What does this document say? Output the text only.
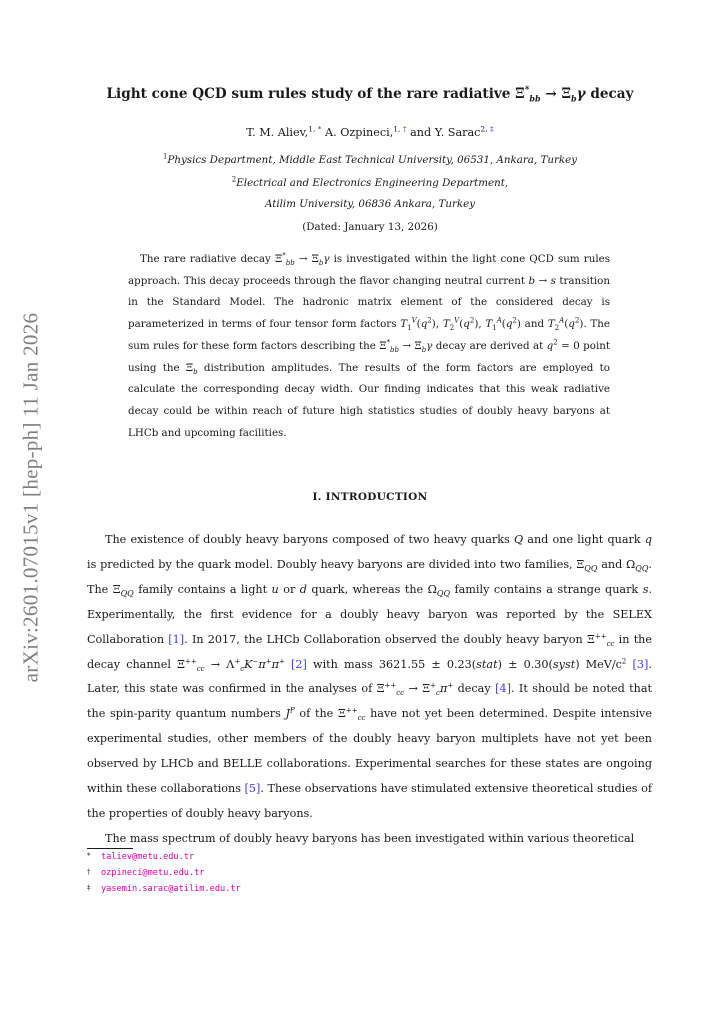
arXiv:2601.07015v1 [hep-ph] 11 Jan 2026
Light cone QCD sum rules study of the rare radiative $\Xi^*_{bb} \to \Xi_b\gamma$ decay
T. M. Aliev,$^{1, *}$ A. Ozpineci,$^{1, \dagger}$ and Y. Sarac$^{2, \ddagger}$
$^1$Physics Department, Middle East Technical University, 06531, Ankara, Turkey
$^2$Electrical and Electronics Engineering Department,
Atilim University, 06836 Ankara, Turkey
(Dated: January 13, 2026)

The rare radiative decay $\Xi^*_{bb} \to \Xi_b\gamma$ is investigated within the light cone QCD sum rules approach. This decay proceeds through the flavor changing neutral current b → s transition in the Standard Model. The hadronic matrix element of the considered decay is parameterized in terms of four tensor form factors $T_1^V(q^2)$, $T_2^V(q^2)$, $T_1^A(q^2)$ and $T_2^A(q^2)$. The sum rules for these form factors describing the $\Xi^*_{bb} \to \Xi_b\gamma$ decay are derived at $q^2 = 0$ point using the $\Xi_b$ distribution amplitudes. The results of the form factors are employed to calculate the corresponding decay width. Our finding indicates that this weak radiative decay could be within reach of future high statistics studies of doubly heavy baryons at LHCb and upcoming facilities.

I. INTRODUCTION

The existence of doubly heavy baryons composed of two heavy quarks Q and one light quark q is predicted by the quark model. Doubly heavy baryons are divided into two families, $\Xi_{QQ}$ and $\Omega_{QQ}$. The $\Xi_{QQ}$ family contains a light u or d quark, whereas the $\Omega_{QQ}$ family contains a strange quark s. Experimentally, the first evidence for a doubly heavy baryon was reported by the SELEX Collaboration [1]. In 2017, the LHCb Collaboration observed the doubly heavy baryon $\Xi^{++}_{cc}$ in the decay channel $\Xi^{++}_{cc} \to \Lambda^+_cK^-\pi^+\pi^+$ [2] with mass 3621.55 ± 0.23(stat) ± 0.30(syst) MeV/$c^2$ [3]. Later, this state was confirmed in the analyses of $\Xi^{++}_{cc} \to \Xi^+_c\pi^+$ decay [4]. It should be noted that the spin-parity quantum numbers $J^P$ of the $\Xi^{++}_{cc}$ have not yet been determined. Despite intensive experimental studies, other members of the doubly heavy baryon multiplets have not yet been observed by LHCb and BELLE collaborations. Experimental searches for these states are ongoing within these collaborations [5]. These observations have stimulated extensive theoretical studies of the properties of doubly heavy baryons.

The mass spectrum of doubly heavy baryons has been investigated within various theoretical

* taliev@metu.edu.tr
† ozpineci@metu.edu.tr
‡ yasemin.sarac@atilim.edu.tr
